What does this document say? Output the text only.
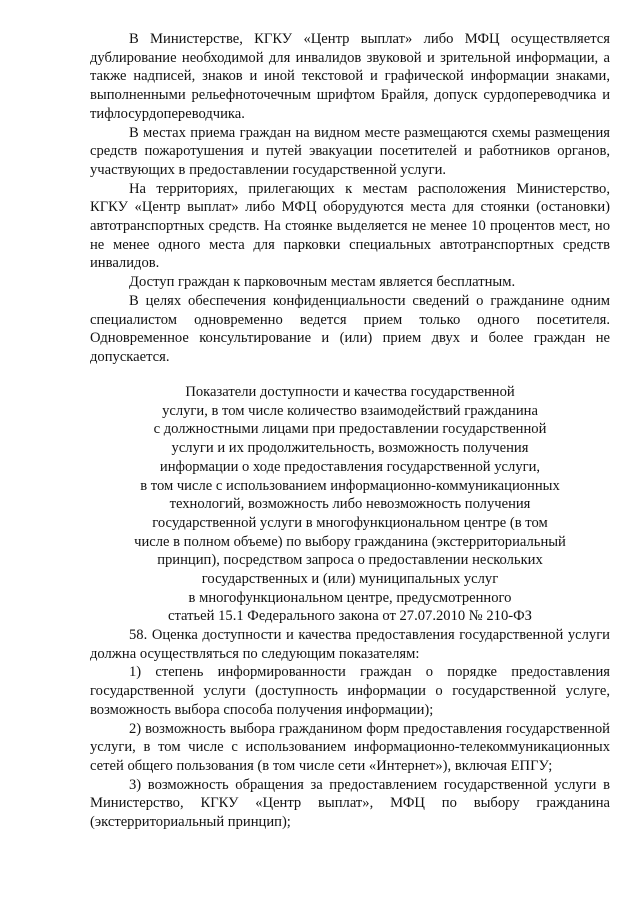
В Министерстве, КГКУ «Центр выплат» либо МФЦ осуществляется дублирование необходимой для инвалидов звуковой и зрительной информации, а также надписей, знаков и иной текстовой и графической информации знаками, выполненными рельефноточечным шрифтом Брайля, допуск сурдопереводчика и тифлосурдопереводчика.

В местах приема граждан на видном месте размещаются схемы размещения средств пожаротушения и путей эвакуации посетителей и работников органов, участвующих в предоставлении государственной услуги.

На территориях, прилегающих к местам расположения Министерство, КГКУ «Центр выплат» либо МФЦ оборудуются места для стоянки (остановки) автотранспортных средств. На стоянке выделяется не менее 10 процентов мест, но не менее одного места для парковки специальных автотранспортных средств инвалидов.

Доступ граждан к парковочным местам является бесплатным.

В целях обеспечения конфиденциальности сведений о гражданине одним специалистом одновременно ведется прием только одного посетителя. Одновременное консультирование и (или) прием двух и более граждан не допускается.

Показатели доступности и качества государственной
услуги, в том числе количество взаимодействий гражданина
с должностными лицами при предоставлении государственной
услуги и их продолжительность, возможность получения
информации о ходе предоставления государственной услуги,
в том числе с использованием информационно-коммуникационных
технологий, возможность либо невозможность получения
государственной услуги в многофункциональном центре (в том
числе в полном объеме) по выбору гражданина (экстерриториальный
принцип), посредством запроса о предоставлении нескольких
государственных и (или) муниципальных услуг
в многофункциональном центре, предусмотренного
статьей 15.1 Федерального закона от 27.07.2010 № 210-ФЗ

58. Оценка доступности и качества предоставления государственной услуги должна осуществляться по следующим показателям:

1) степень информированности граждан о порядке предоставления государственной услуги (доступность информации о государственной услуге, возможность выбора способа получения информации);

2) возможность выбора гражданином форм предоставления государственной услуги, в том числе с использованием информационно-телекоммуникационных сетей общего пользования (в том числе сети «Интернет»), включая ЕПГУ;

3) возможность обращения за предоставлением государственной услуги в Министерство, КГКУ «Центр выплат», МФЦ по выбору гражданина (экстерриториальный принцип);
